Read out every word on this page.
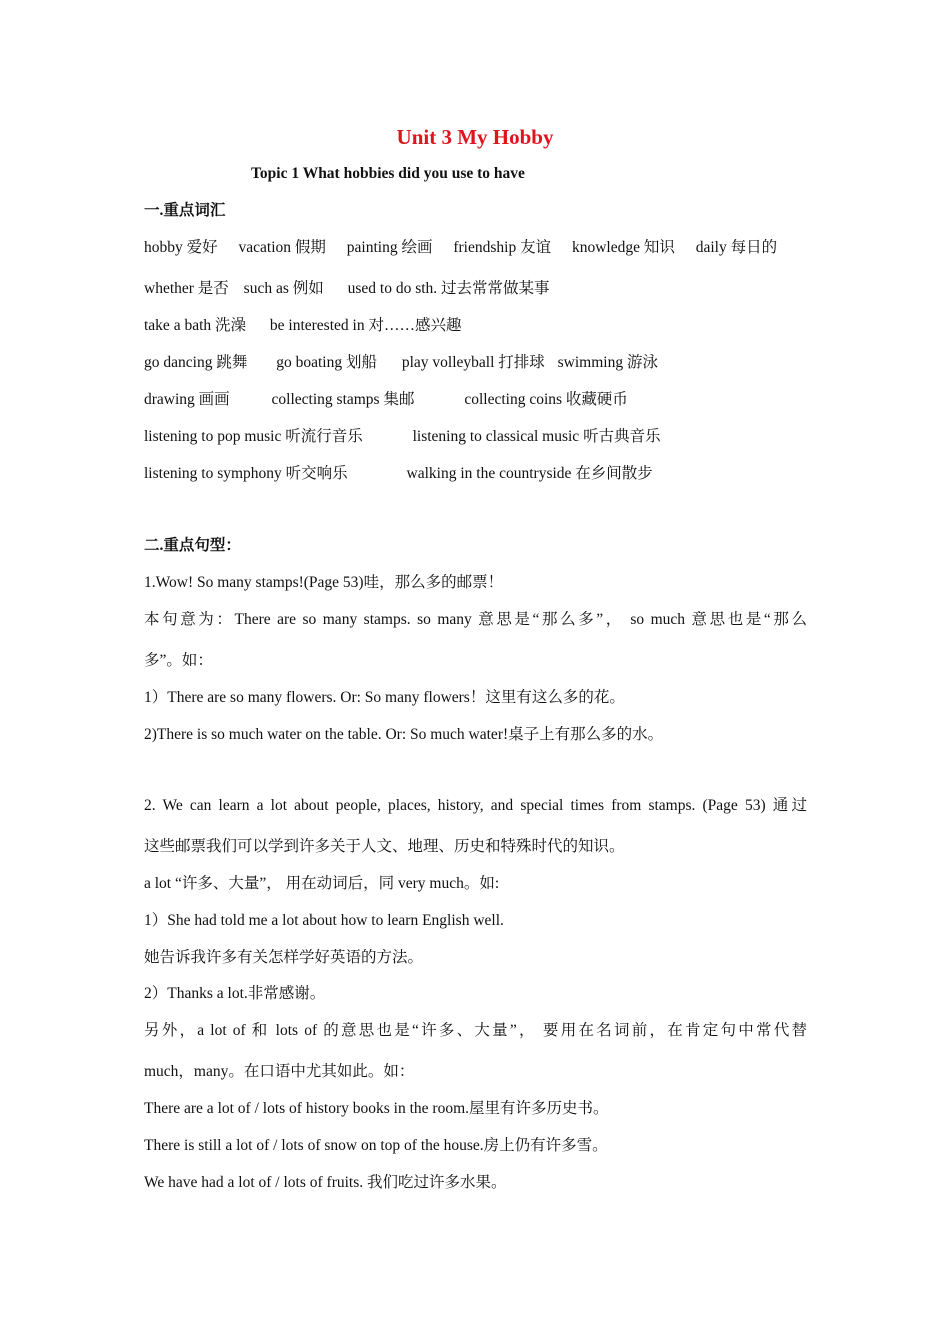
Unit 3 My Hobby
Topic 1 What hobbies did you use to have
一.重点词汇
hobby 爱好 vacation 假期 painting 绘画 friendship 友谊 knowledge 知识 daily 每日的
whether 是否 such as 例如 used to do sth. 过去常常做某事
take a bath 洗澡 be interested in 对……感兴趣
go dancing 跳舞 go boating 划船 play volleyball 打排球 swimming 游泳
drawing 画画	collecting stamps 集邮	collecting coins 收藏硬币
listening to pop music 听流行音乐	listening to classical music 听古典音乐
listening to symphony 听交响乐	walking in the countryside 在乡间散步
二.重点句型：
1.Wow! So many stamps!(Page 53)哇，那么多的邮票！
本句意为：There are so many stamps. so many 意思是“那么多”， so much 意思也是“那么
多”。如：
1）There are so many flowers. Or: So many flowers！这里有这么多的花。
2)There is so much water on the table. Or: So much water!桌子上有那么多的水。
2. We can learn a lot about people, places, history, and special times from stamps. (Page 53) 通过
这些邮票我们可以学到许多关于人文、地理、历史和特殊时代的知识。
a lot “许多、大量”， 用在动词后，同 very much。如:
1）She had told me a lot about how to learn English well.
她告诉我许多有关怎样学好英语的方法。
2）Thanks a lot.非常感谢。
另外，a lot of 和 lots of 的意思也是“许多、大量”， 要用在名词前，在肯定句中常代替
much，many。在口语中尤其如此。如：
There are a lot of / lots of history books in the room.屋里有许多历史书。
There is still a lot of / lots of snow on top of the house.房上仍有许多雪。
We have had a lot of / lots of fruits. 我们吃过许多水果。
